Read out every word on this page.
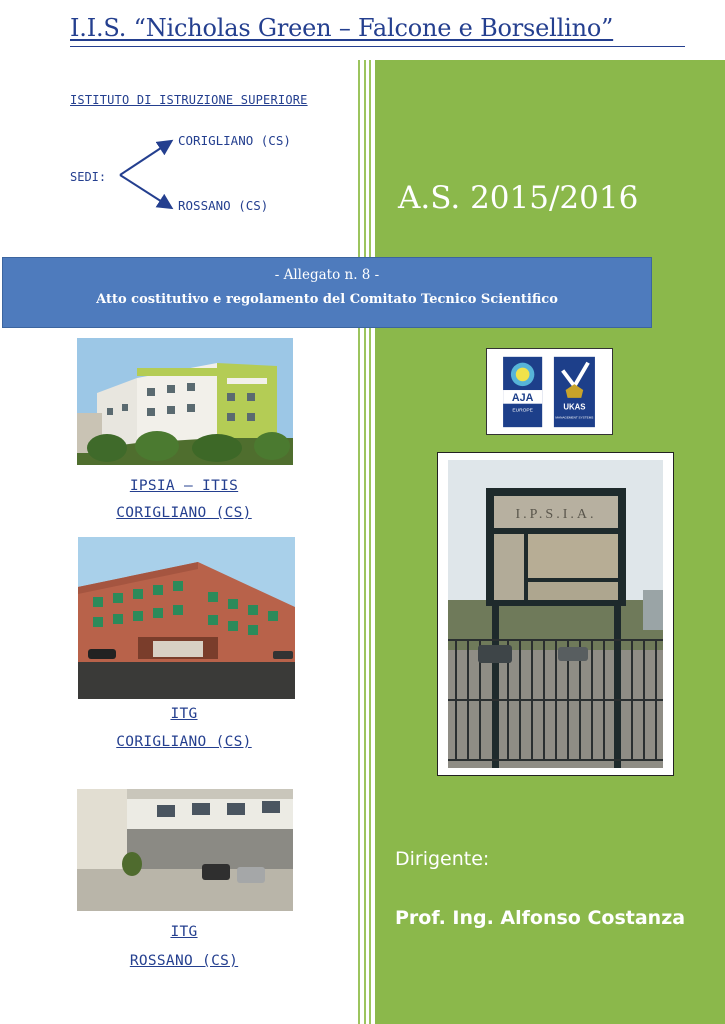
I.I.S. “Nicholas Green – Falcone e Borsellino”
ISTITUTO DI ISTRUZIONE SUPERIORE
SEDI:
CORIGLIANO (CS)
ROSSANO (CS)	A.S. 2015/2016
- Allegato n. 8 -
Atto costitutivo e regolamento del Comitato Tecnico Scientifico
IPSIA – ITIS
CORIGLIANO (CS)
ITG
CORIGLIANO (CS)
ITG
ROSSANO (CS)
AJA
EUROPE	UKAS
MANAGEMENT SYSTEMS
I.P.S.I.A.
Dirigente:
Prof. Ing. Alfonso Costanza
